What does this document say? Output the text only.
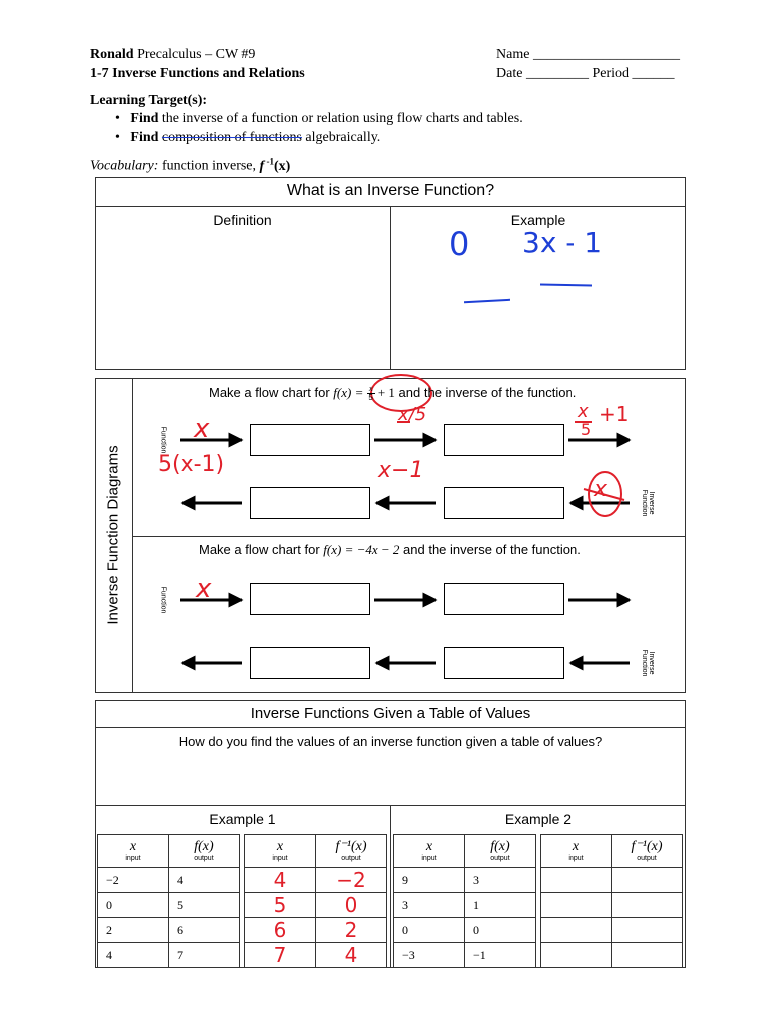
Ronald Precalculus – CW #9
1-7 Inverse Functions and Relations
Name _____________________
Date _________ Period ______
Learning Target(s):
• Find the inverse of a function or relation using flow charts and tables.
• Find composition of functions algebraically.
Vocabulary: function inverse, f $^{-1}$(x)
What is an Inverse Function?
Definition	Example
0 3x - 1
Inverse Function Diagrams
Make a flow chart for $f(x) = \frac{x}{5} + 1$ and the inverse of the function.
Function
Inverse Function
x	x/5	x
5
+1
5(x-1)	x−1
x
Make a flow chart for f(x) = −4x − 2 and the inverse of the function.
Function
Inverse Function
x
Inverse Functions Given a Table of Values
How do you find the values of an inverse function given a table of values?
Example 1	Example 2
x
input	f(x)
output		x
input	f⁻¹(x)
output

−2	4		4	−2
0	5		5	0
2	6		6	2
4	7		7	4
x
input	f(x)
output		x
input	f⁻¹(x)
output

9	3			
3	1			
0	0			
−3	−1			
